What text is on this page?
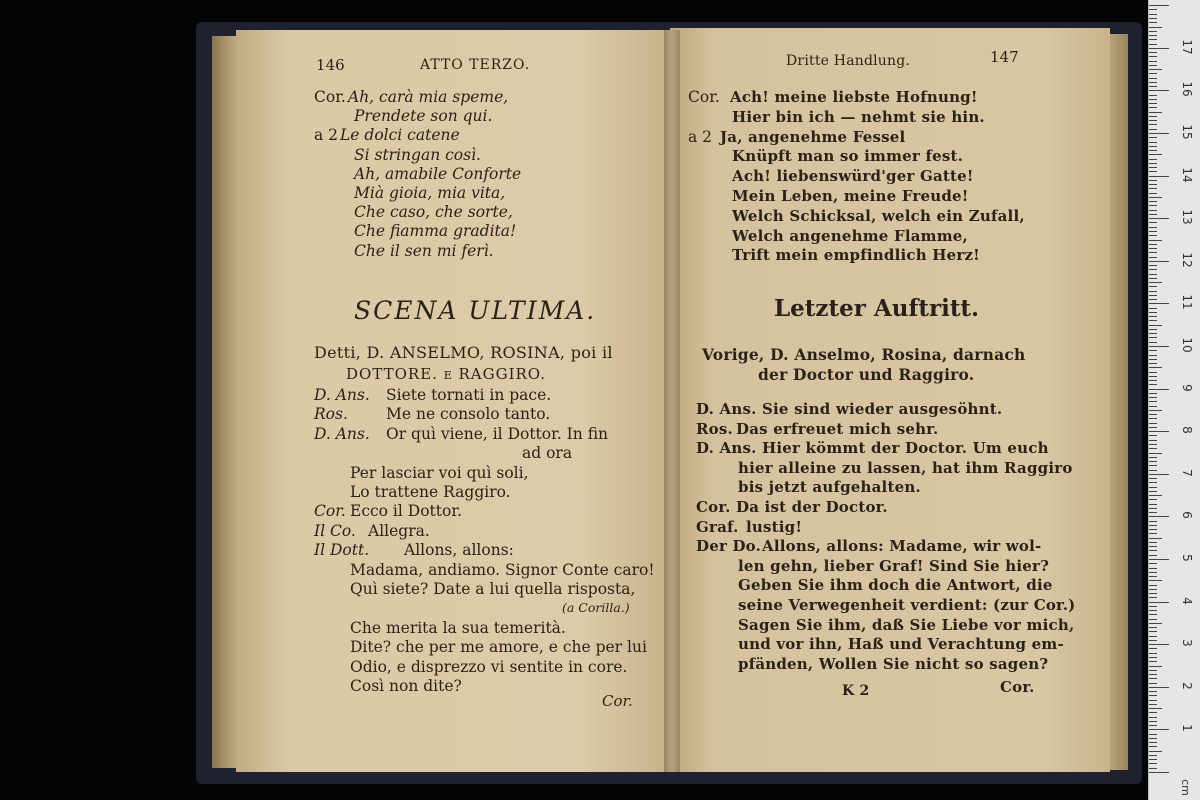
146	ATTO TERZO.
Cor. Ah, carà mia speme,
Prendete son qui.
a 2 Le dolci catene
Si stringan così.
Ah, amabile Conforte
Mià gioia, mia vita,
Che caso, che sorte,
Che fiamma gradita!
Che il sen mi ferì.
SCENA ULTIMA.
Detti, D. ANSELMO, ROSINA, poi il
DOTTORE. e RAGGIRO.
D. Ans. Siete tornati in pace.
Ros. Me ne consolo tanto.
D. Ans. Or quì viene, il Dottor. In fin
ad ora
Per lasciar voi quì soli,
Lo trattene Raggiro.
Cor. Ecco il Dottor.
Il Co. Allegra.
Il Dott. Allons, allons:
Madama, andiamo. Signor Conte caro!
Quì siete? Date a lui quella risposta,
(a Corilla.)
Che merita la sua temerità.
Dite? che per me amore, e che per lui
Odio, e disprezzo vi sentite in core.
Così non dite?
Cor.
Dritte Handlung.	147
Cor. Ach! meine liebste Hofnung!
Hier bin ich — nehmt sie hin.
a 2 Ja, angenehme Fessel
Knüpft man so immer fest.
Ach! liebenswürd'ger Gatte!
Mein Leben, meine Freude!
Welch Schicksal, welch ein Zufall,
Welch angenehme Flamme,
Trift mein empfindlich Herz!
Letzter Auftritt.
Vorige, D. Anselmo, Rosina, darnach
der Doctor und Raggiro.
D. Ans. Sie sind wieder ausgesöhnt.
Ros. Das erfreuet mich sehr.
D. Ans. Hier kömmt der Doctor. Um euch
hier alleine zu lassen, hat ihm Raggiro
bis jetzt aufgehalten.
Cor. Da ist der Doctor.
Graf. lustig!
Der Do. Allons, allons: Madame, wir wol-
len gehn, lieber Graf! Sind Sie hier?
Geben Sie ihm doch die Antwort, die
seine Verwegenheit verdient: (zur Cor.)
Sagen Sie ihm, daß Sie Liebe vor mich,
und vor ihn, Haß und Verachtung em-
pfänden, Wollen Sie nicht so sagen?
K 2	Cor.
1
2
3
4
5
6
7
8
9
10
11
12
13
14
15
16
17
cm
